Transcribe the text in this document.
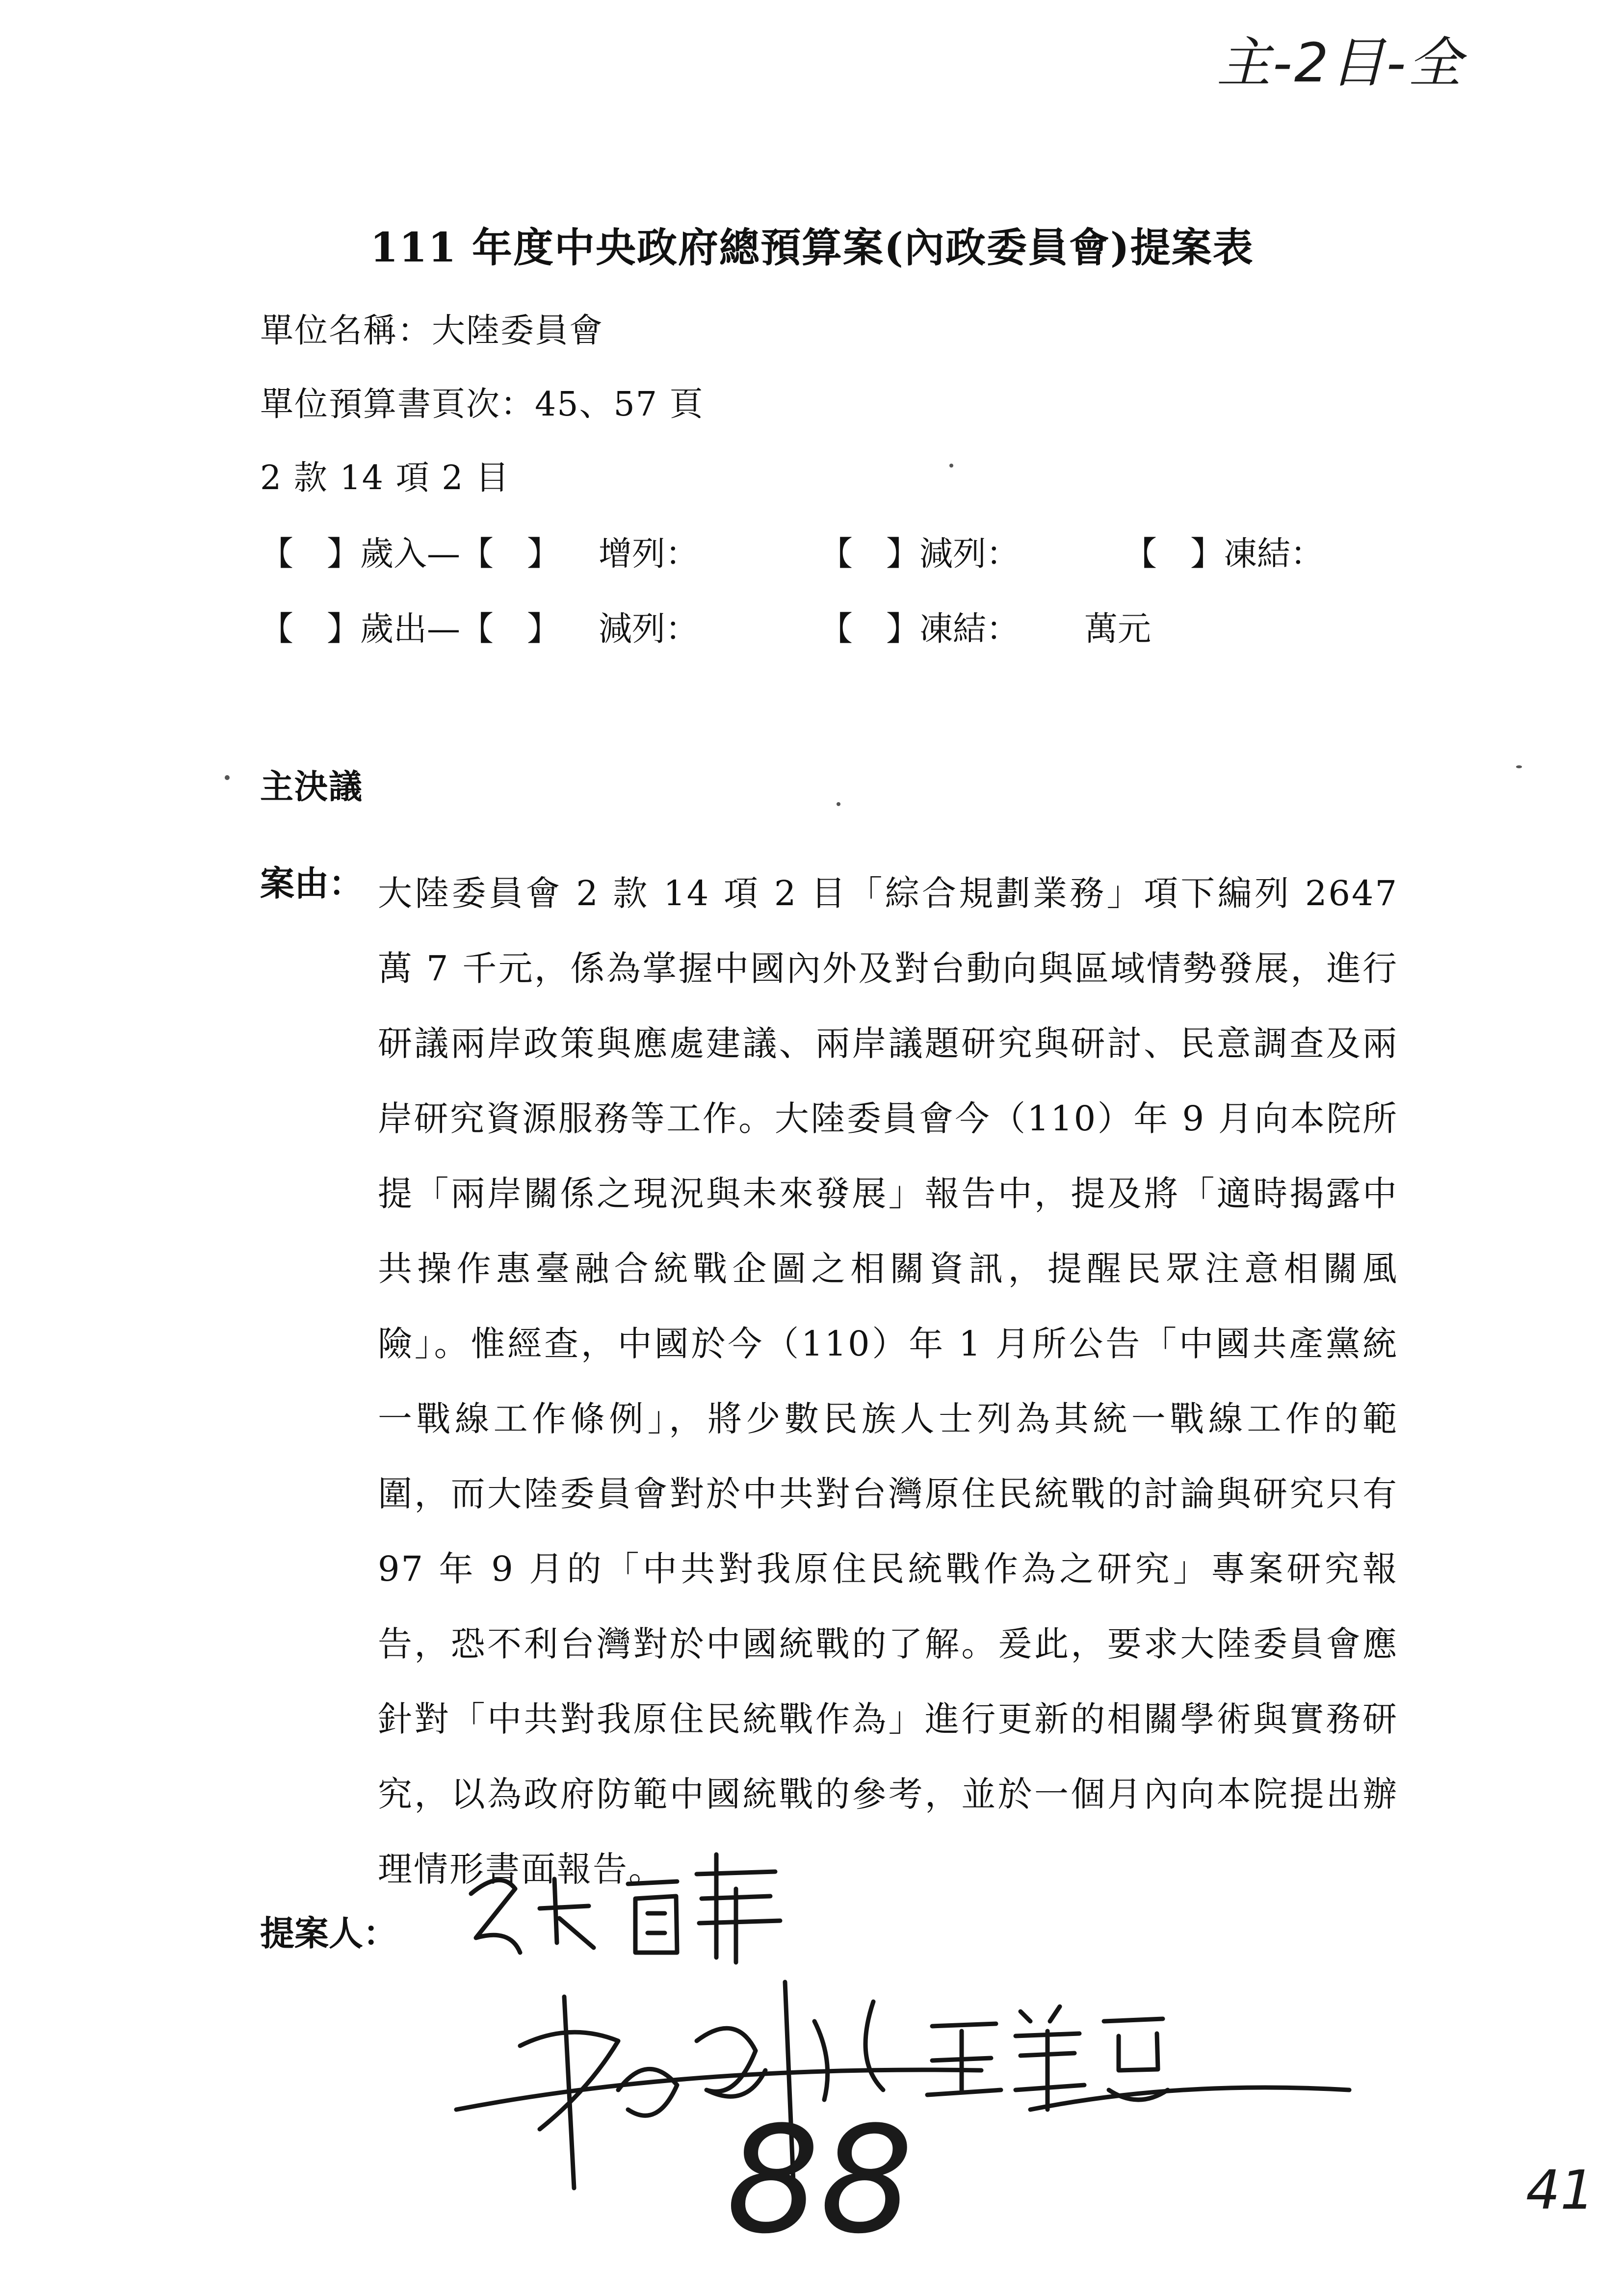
主-2目-全
111 年度中央政府總預算案(內政委員會)提案表
單位名稱：大陸委員會
單位預算書頁次：45、57 頁
2 款 14 項 2 目
【　】歲入—【　】 增列：	【　】減列：	【　】凍結：
【　】歲出—【　】 減列：	【　】凍結： 萬元
主決議
案由： 大陸委員會 2 款 14 項 2 目「綜合規劃業務」項下編列 2647 萬 7 千元，係為掌握中國內外及對台動向與區域情勢發展，進行研議兩岸政策與應處建議、兩岸議題研究與研討、民意調查及兩岸研究資源服務等工作。大陸委員會今（110）年 9 月向本院所提「兩岸關係之現況與未來發展」報告中，提及將「適時揭露中共操作惠臺融合統戰企圖之相關資訊，提醒民眾注意相關風險」。惟經查，中國於今（110）年 1 月所公告「中國共產黨統一戰線工作條例」，將少數民族人士列為其統一戰線工作的範圍，而大陸委員會對於中共對台灣原住民統戰的討論與研究只有 97 年 9 月的「中共對我原住民統戰作為之研究」專案研究報告，恐不利台灣對於中國統戰的了解。爰此，要求大陸委員會應針對「中共對我原住民統戰作為」進行更新的相關學術與實務研究，以為政府防範中國統戰的參考，並於一個月內向本院提出辦理情形書面報告。
提案人：
88	41
